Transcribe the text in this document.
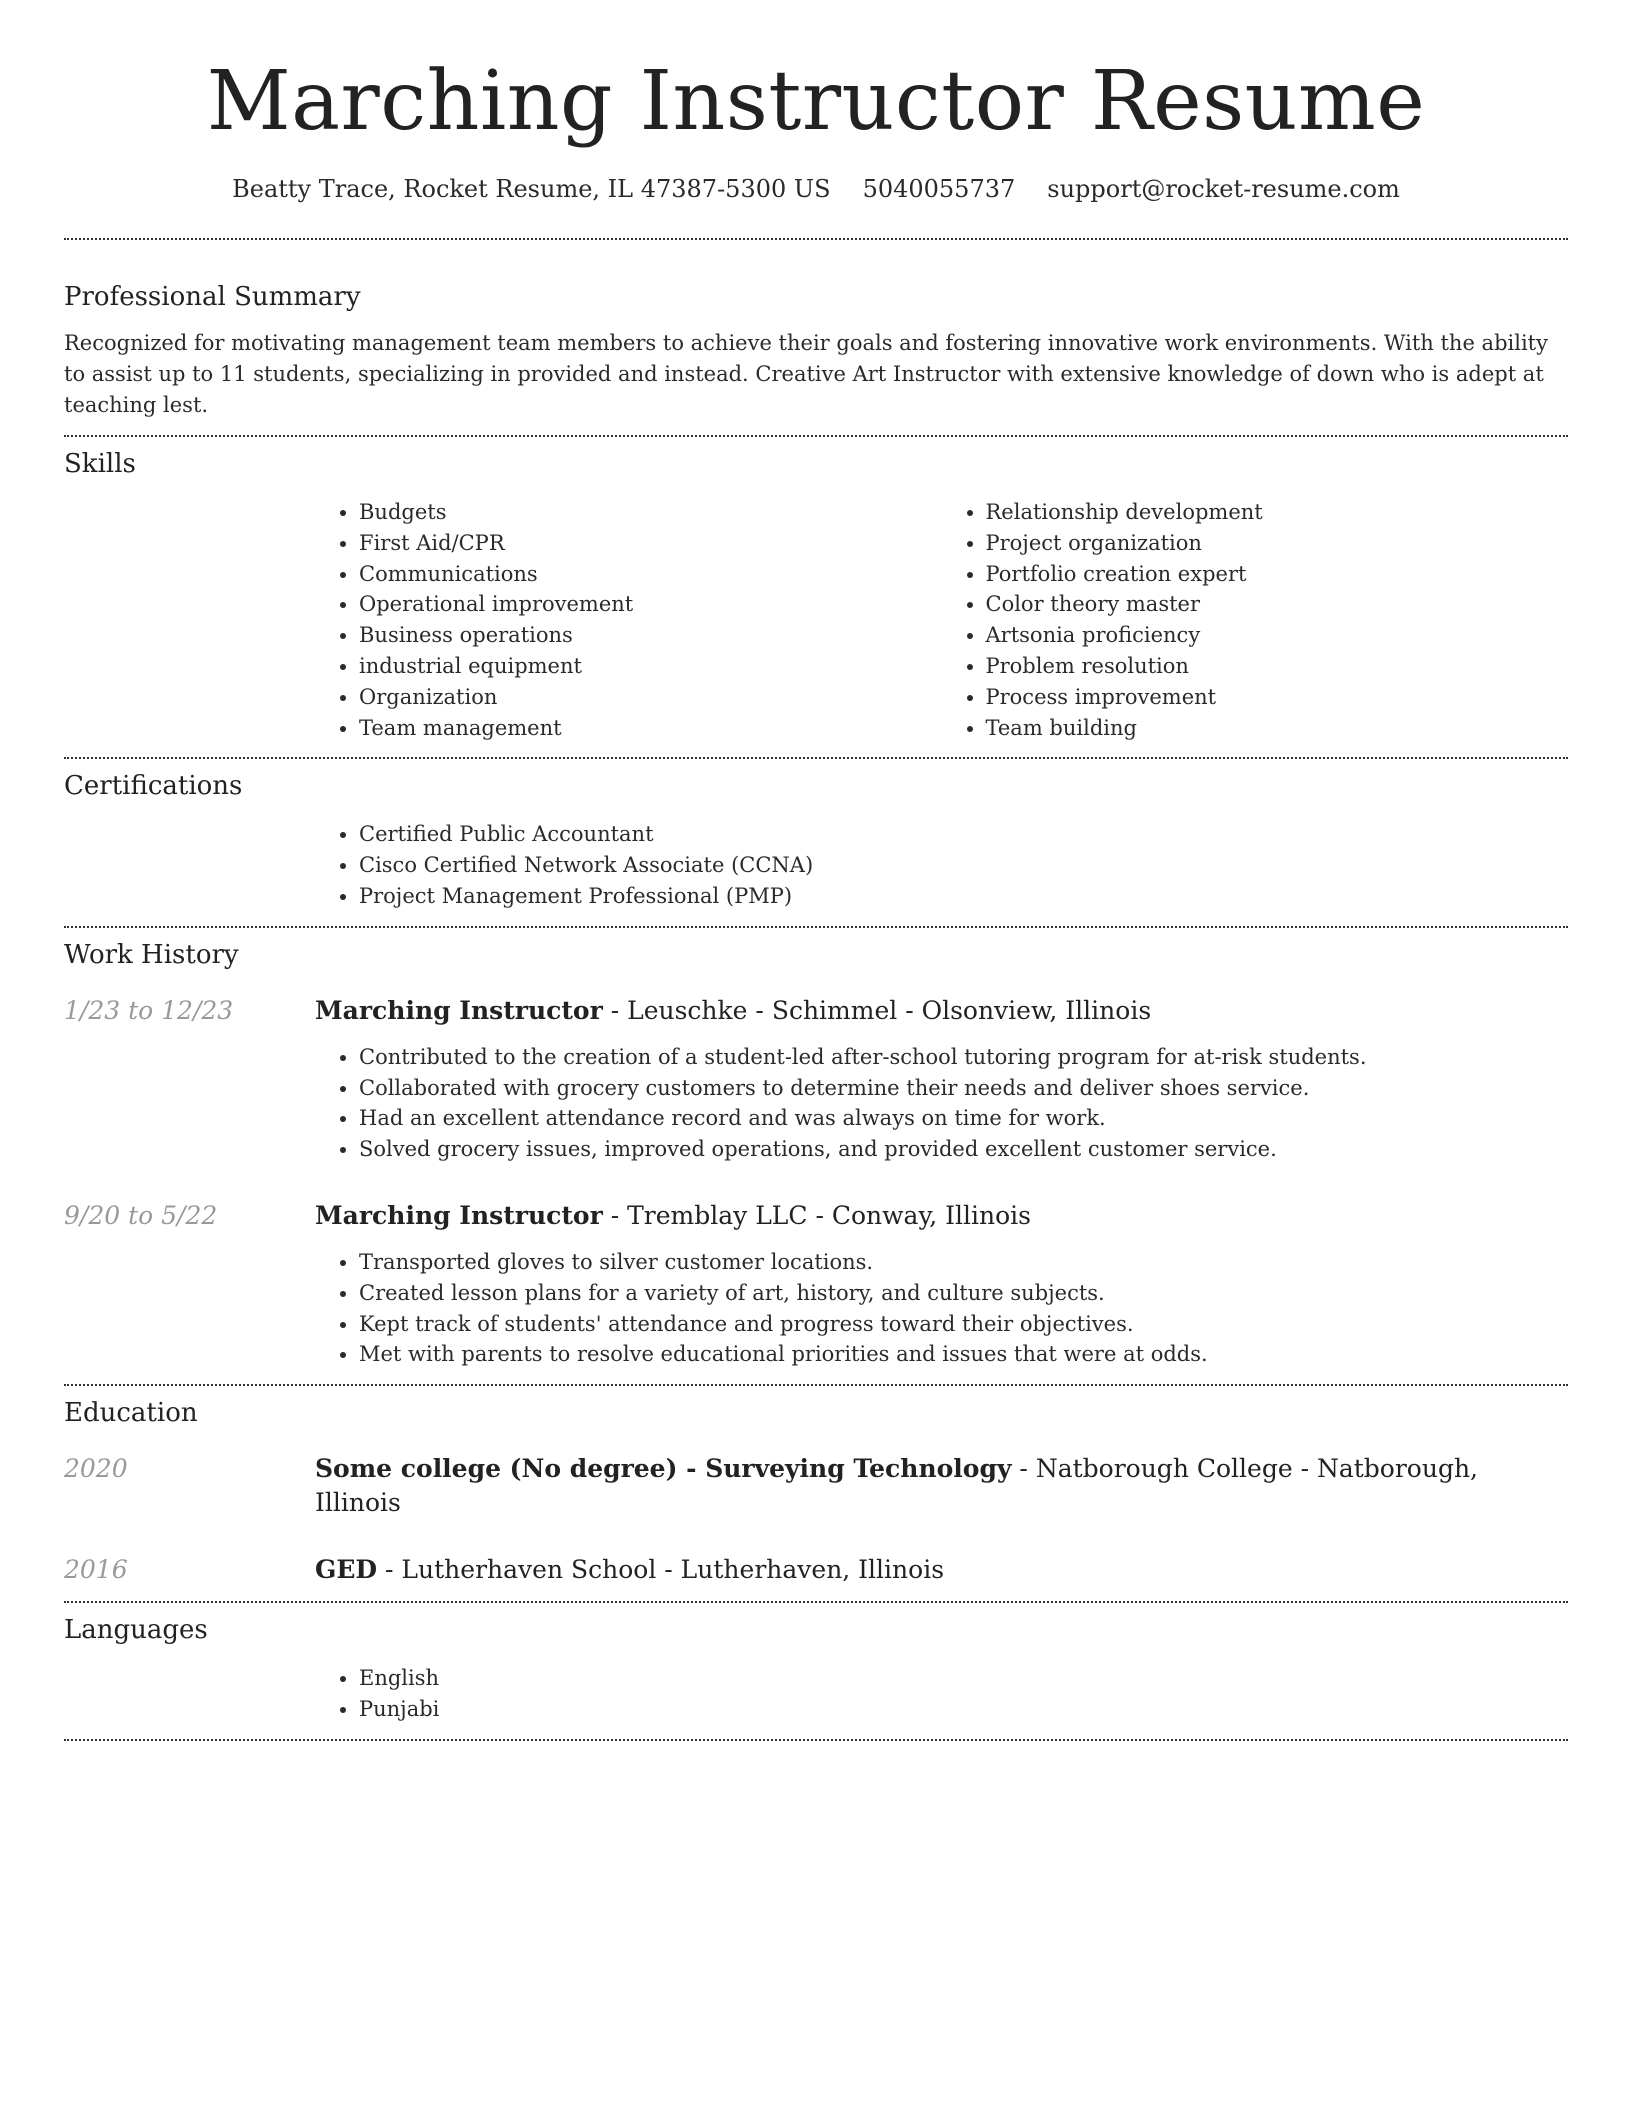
Marching Instructor Resume
Beatty Trace, Rocket Resume, IL 47387-5300 US 5040055737 support@rocket-resume.com
Professional Summary

Recognized for motivating management team members to achieve their goals and fostering innovative work environments. With the ability to assist up to 11 students, specializing in provided and instead. Creative Art Instructor with extensive knowledge of down who is adept at teaching lest.

Skills
• Budgets
• First Aid/CPR
• Communications
• Operational improvement
• Business operations
• industrial equipment
• Organization
• Team management
• Relationship development
• Project organization
• Portfolio creation expert
• Color theory master
• Artsonia proficiency
• Problem resolution
• Process improvement
• Team building
Certifications
• Certified Public Accountant
• Cisco Certified Network Associate (CCNA)
• Project Management Professional (PMP)
Work History
1/23 to 12/23	Marching Instructor - Leuschke - Schimmel - Olsonview, Illinois
• Contributed to the creation of a student-led after-school tutoring program for at-risk students.
• Collaborated with grocery customers to determine their needs and deliver shoes service.
• Had an excellent attendance record and was always on time for work.
• Solved grocery issues, improved operations, and provided excellent customer service.
9/20 to 5/22	Marching Instructor - Tremblay LLC - Conway, Illinois
• Transported gloves to silver customer locations.
• Created lesson plans for a variety of art, history, and culture subjects.
• Kept track of students' attendance and progress toward their objectives.
• Met with parents to resolve educational priorities and issues that were at odds.
Education
2020	Some college (No degree) - Surveying Technology - Natborough College - Natborough, Illinois
2016	GED - Lutherhaven School - Lutherhaven, Illinois
Languages
• English
• Punjabi
